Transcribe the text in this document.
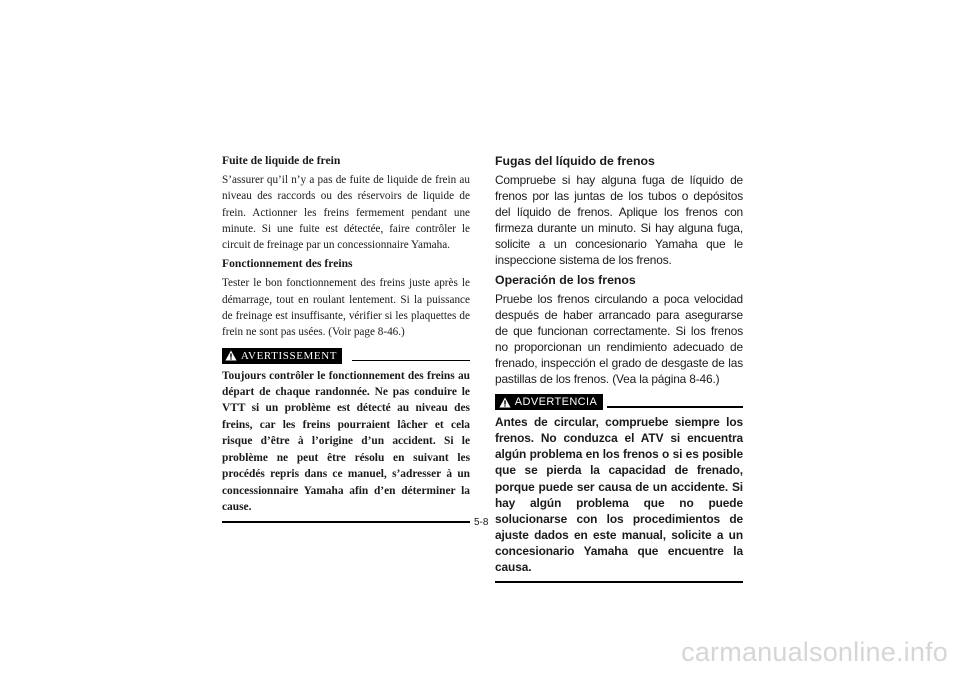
Fuite de liquide de frein

S’assurer qu’il n’y a pas de fuite de liquide de frein au niveau des raccords ou des réservoirs de liquide de frein. Actionner les freins fermement pendant une minute. Si une fuite est détectée, faire contrôler le circuit de freinage par un concessionnaire Yamaha.

Fonctionnement des freins

Tester le bon fonctionnement des freins juste après le démarrage, tout en roulant lentement. Si la puissance de freinage est insuffisante, vérifier si les plaquettes de frein ne sont pas usées. (Voir page 8-46.)

AVERTISSEMENT

Toujours contrôler le fonctionnement des freins au départ de chaque randonnée. Ne pas conduire le VTT si un problème est détecté au niveau des freins, car les freins pourraient lâcher et cela risque d’être à l’origine d’un accident. Si le problème ne peut être résolu en suivant les procédés repris dans ce manuel, s’adresser à un concessionnaire Yamaha afin d’en déterminer la cause.

Fugas del líquido de frenos

Compruebe si hay alguna fuga de líquido de frenos por las juntas de los tubos o depósitos del líquido de frenos. Aplique los frenos con firmeza durante un minuto. Si hay alguna fuga, solicite a un concesionario Yamaha que le inspeccione sistema de los frenos.

Operación de los frenos

Pruebe los frenos circulando a poca velocidad después de haber arrancado para asegurarse de que funcionan correctamente. Si los frenos no proporcionan un rendimiento adecuado de frenado, inspección el grado de desgaste de las pastillas de los frenos. (Vea la página 8-46.)

ADVERTENCIA

Antes de circular, compruebe siempre los frenos. No conduzca el ATV si encuentra algún problema en los frenos o si es posible que se pierda la capacidad de frenado, porque puede ser causa de un accidente. Si hay algún problema que no puede solucionarse con los procedimientos de ajuste dados en este manual, solicite a un concesionario Yamaha que encuentre la causa.

5-8
carmanualsonline.info
